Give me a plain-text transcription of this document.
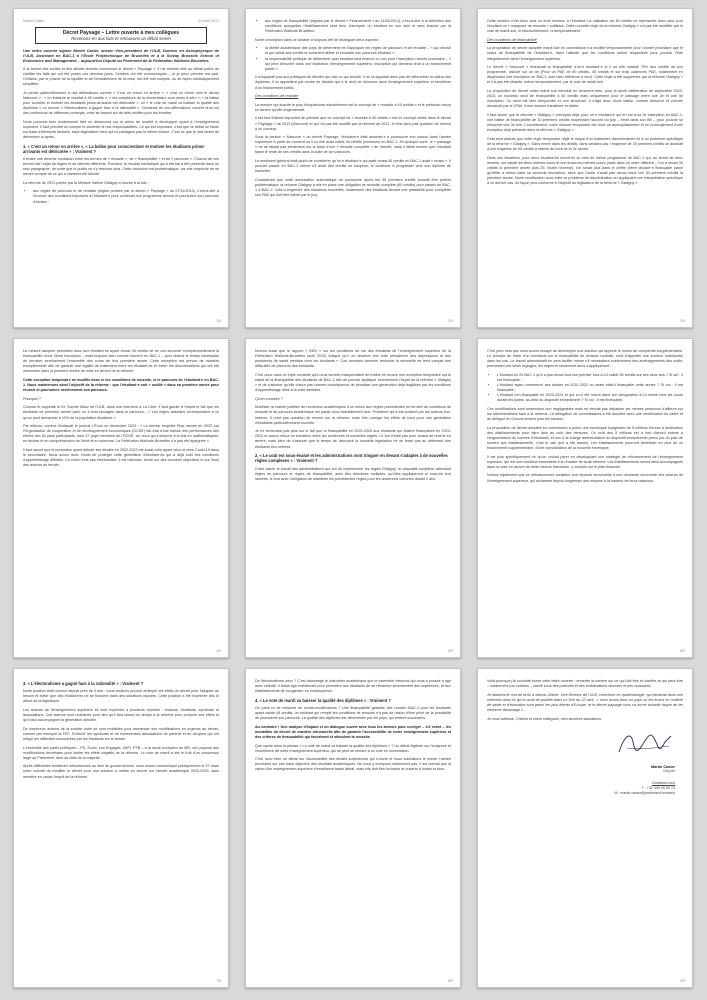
Martin Casier	23 avril 2024
Décret Paysage – Lettre ouverte à mes collègues
Revenons-en aux faits et retrouvons un débat serein

Une lettre ouverte signée Martin Casier, ancien Vice-président de l'ULB, Docteur en Astrophysique de l'ULB, Assistant en BAC-1 à l'École Polytechnique de Bruxelles et à la Solvay Brussels School of Economics and Management – aujourd'hui Député au Parlement de la Fédération Wallonie-Bruxelles.

À la faveur des sorties et des débats récents concernant le décret « Paysage », il me semble utile au débat public de clarifier les faits qui ont été posés ces derniers jours. Certains ont été communiqués – et je peux prendre ma part. Certains, par le prisme de la rapidité et de l'emballement de la crise, ont été mal compris, ou de façon médiatiquement simplifiée.

Je pense particulièrement à des affirmations comme « C'est un retour en arrière », « c'est un retour vers le décret Marcourt » , « on instaure le résultat à 45 crédits », « les compteurs de la réorientation sont remis à zéro », « la balise pour concilier et motiver les étudiants primo-arrivants est détricotée », ou « le vote de mardi va baisser la qualité des diplômes » ou encore « l'électoralisme a gagné face à la rationalité ». Certaines de ces affirmations ouvrent droit sur des confusions de différents concepts, voire se basent sur de faits vérifiés pour les émettre.

Nous pouvons bien évidemment être en désaccord sur la vision de société à développer quant à l'enseignement supérieur. Il faut prendre en compte le contexte et nos responsabilités. Ce qui est important, c'est que ce débat se fasse sur base d'éléments factuels, sans stigmatiser ceux qui ne partagent pas la même lecture. C'est ce que je vais tenter de démontrer ci-après.

1. « C'est un retour en arrière », « La balise pour conscientiser et motiver les étudiants primo-arrivants est détricotée » : Vraiment ?

Il existe une énorme confusion entre les termes de « réussite », de « finançabilité » et de « parcours ». Chacun de ces termes fait l'objet de règles et de décrets différents. Pourtant, le résultat médiatique qui a été fait a été présenté dans un seul paragraphe, de sorte que le public ne s'y retrouve plus. Cette confusion est problématique, car elle empêche de se rendre compte de ce qui a vraiment été décidé.

La réforme de 2021 portée par la Ministre Valérie Glatigny a touché à la fois :

• aux règles de parcours et de réussite (règles portées par le décret « Paysage » du 07/11/2013), c'est-à-dire à l'énoncé des conditions imposées à l'étudiant·e pour continuer son programme annuel et poursuivre son parcours d'études ;
1/9
• aux règles de finançabilité (réglées par le décret « Financement » du 11/04/2014), c'est-à-dire à la définition des conditions auxquelles l'établissement sera tenu d'accepter un étudiant en son sein et sera financé par la Fédération Wallonie-Bruxelles.

Notre conception dans ce dossier a toujours été de distinguer deux aspects :

• la liberté académique des jurys de déterminer et d'appliquer les règles de parcours et de réussite – « qui réussit et qui valide ses crédits et comment définir et encadrer son parcours étudiant » ;
• la responsabilité politique de déterminer quel étudiant sera financé ou non pour l'inscription l'année prochaine – « qui peut s'inscrire dans une institution d'enseignement supérieur, inscription qui donnera droit à un financement public ».

Il m'apparaît pas aux politiques de décider qui rate ou qui réussit. Il ne lui apparaît donc pas de déterminer la valeur des diplômes. Il lui appartient par contre de décider qui a le droit de s'inscrire dans l'enseignement supérieur et bénéficier d'un financement public.

Des conditions de réussite

La mesure qui suscite le plus d'inquiétudes actuellement est le concept de « réussite à 45 crédits » et le prétendu retour en arrière qu'elle engendrerait.

Il est tout d'abord important de préciser que ce concept de « réussite à 45 crédits » est un concept utilisé dans le décret « Paysage » de 2013 (Marcourt) et qui n'a pas été modifié par la réforme de 2021. Il n'est donc pas question de revenir à ce concept.

Sous la version « Marcourt » du décret Paysage, l'étudiant·e était autorisé·e à poursuivre son cursus dans l'année supérieure à partir du moment où il ou elle avait validé 45 crédits (minimum) en BAC-1. En quelque sorte, le « passage » ne se faisait pas seulement sur la base d'une « réussite complète » de l'année, mais il fallait encore que l'étudiant fasse le reste de ses crédits dans la suite de son parcours.

Le sentiment général était plutôt de considérer qu'un·e étudiant·e qui avait réussi 45 crédits en BAC-1 avait « réussi ». Il pouvait passer en BAC-2 même s'il avait des crédits en suspens, et continuer à progresser vers son diplôme de bachelier.

Considérant que cette autorisation automatique de poursuivre après les 45 premiers crédits pouvait être parfois problématique, la réforme Glatigny a mis en place une obligation de réussite complète (60 crédits) pour passer de BAC-1 à BAC-2. Cela a engendré des situations nouvelles, notamment des étudiants devant une possibilité pour compléter son PAE qui doit être validé par le jury.

2/9

Cette mesure n'est donc plus un droit reconnu à l'étudiant. La validation de 45 crédits ne représente donc plus pour l'étudiant un « marqueur de réussite » suffisant. Cette nouvelle règle de la réforme Glatigny « n'a pas été modifiée par le vote de mardi soir, ni structurellement, ni temporairement.

Des conditions de finançabilité

La proposition de décret adoptée mardi soir en commission n'a modifié temporairement pour l'année prochaine que le statut de finançabilité de l'étudiant·e, dans l'attente que les conditions soient respectées pour pouvoir l'être intégralement dans l'enseignement supérieur.

Le décret « Marcourt » entraînait la finançabilité d'un·e étudiant·e si il ou elle validait 75% des crédits de son programme, calculé sur un an (Pour un PAE de 60 crédits, 45 crédits et sur trois cadences PAE, notamment en dispensant une inscription en BAC1, sont bien inférieurs à ceci). Cette règle a été supprimée par la réforme Glatigny » et n'a pas été rétablie, même temporairement, par le vote de mardi soir.

La proposition de décret votée mardi soir introduit en revanche bien, pour la seule délibération de septembre 2023-2024, un nouveau seuil de finançabilité à 45 crédits mais uniquement pour le passage entre une 2e et une 3e inscription. Ce seuil est bien temporaire et non structurel. Il s'agit donc d'une balise, comme annoncé et comme demandé par le CRef, d'une mesure transitoire et ciblée.

Il faut savoir que la réforme « Glatigny » prévoyait déjà, pour un·e étudiant·e qui en est à sa 2e inscription en BAC-1, une balise de finançabilité de 30 premiers crédits moyennant l'accord du jury – étroit dans son BE – pour pouvoir se réinscrire une 3e fois. Concrètement, notre mesure temporaire est donc un assouplissement et un prolongement d'une exception déjà présente dans la réforme « Glatigny ».

Cela sera ailleurs que cette règle temporaire règle le risque d'un traitement discriminatoire lié à un problème spécifique de la réforme « Glatigny ». Sans entrer dans les détails, dans certains cas, l'exigence de 30 premiers crédits se doublait d'une exigence de 60 crédits à obtenir au bout de la 2e année.

Dans ces situations, pour deux étudiant·es inscrit·es au sein du même programme de BAC-1 qui, au terme de deux années, ont validé les deux mêmes cours et ont réussi les mêmes cours (mais dans un ordre différent – l'un a réussi 30 crédits la première année puis 25, l'autre l'inverse), l'un serait plus dans le chiffre d'être déclaré·e finançable parce qu'il/elle a réussi dans sa seconde inscription, alors que l'autre n'avait pas réussi dans ces 30 premiers crédits la première année. Notre modification donc évite ce problème de discrimination en appliquant une interprétation spécifique à ce dernier cas, de façon plus conforme à l'objectif du législateur de la réforme « Glatigny ».

3/9

La mesure adoptée permettra donc aux étudiant·es ayant réussi 45 crédits de se voir accorder exceptionnellement la finançabilité d'une 3ème inscription – mais toujours bien comme inscrit·e en BAC-1 – pour obtenir le temps nécessaire de terminer sereinement l'ensemble des cours de leur première année. Cette exception est prévue de manière exceptionnelle afin de garantir une égalité de traitement entre les étudiant·es et éviter les discriminations qui ont été observées dans la première année de mise en œuvre de la réforme.

Cette exception temporaire ne modifie donc ni les conditions de réussite, ni le parcours de l'étudiant·e en BAC-1. Nous maintenons ainsi l'objectif de la réforme : que l'étudiant·e soit « outillé » dans sa première année pour réussir et poursuivre sereinement son parcours.

Pourquoi ?

Comme le rappelait le Dr. Sophie Mazz de l'ULB, dans une interview à La Libre, il faut garder à l'esprit le fait que les étudiants de première année avec un à trois blocages dans le parcours... « Les règles actuelles correspondent à ce qu'on peut demander à 13% de la population étudiante ».

Par ailleurs, comme l'indiquait le journal L'Écho en décembre 2023 : « Le dernier enquête Pisa menée en 2022 par l'Organisation de coopération et de développement économiques (OCDE) fait état d'une baisse des performances des élèves des 81 pays participants, dont 37 pays membres de l'OCDE. Un recul qui s'observe à la fois en mathématiques, en lecture et en compréhension de l'écrit et en sciences. La Fédération Wallonie-Bruxelles n'a pas été épargnée ».

Il faut savoir que la promotion ayant débuté ses études en 2022-2023 est aussi celle ayant vécu la crise Covid-19 dans le secondaire. Nous avons donc choisi de protéger cette génération d'étudiant·es qui a déjà subi des conditions d'apprentissage difficiles. Ce choix n'est pas électoraliste, il est rationnel, fondé sur des données objectives et sur l'avis des acteurs de terrain.

4/9

Notons aussi que le rapport « BDO » sur les conditions de vie des étudiants de l'enseignement supérieur de la Fédération Wallonie-Bruxelles (avril 2019) indique qu'« on observe une forte prévalence des dépressions et des problèmes de santé mentale chez les étudiants ». Ces données viennent renforcer la nécessité de tenir compte des difficultés de parcours des étudiants.

C'est donc dans ce triple contexte qu'il nous semble indispensable de mettre en œuvre une exception temporaire sur le statut de la finançabilité des étudiants de BAC-1 afin de pouvoir appliquer sereinement l'esprit de la réforme « Glatigny » et de s'assurer qu'elle n'aura pas comme conséquence de pénaliser une génération déjà fragilisée par les conditions d'apprentissage liées à la crise sanitaire.

Qu'en conclure ?

Mobiliser la crainte justifiée de nombreux académiques d'un retour aux règles précédentes en termes de conditions de réussite et de parcours académique me paraît donc factuellement faux. Problème qui a été soulevé par les acteurs eux-mêmes. Il n'est pas question de revenir sur la réforme, mais d'en corriger les effets de bord pour une génération d'étudiants particulièrement touchée.

Je ne reviendrai pas plus sur le fait que la finançabilité en 2024-2025 aux étudiants qui étaient finançables en 2023-2024 et aucun retour en transition entre les anciennes et nouvelles règles. Le but n'était pas pour autant de revenir en arrière, mais bien de s'assurer que le temps de découvrir la nouvelle législation ne se ferait pas au détriment des étudiants eux-mêmes.

2. « Le coût est sous-évalué et les administrations vont tringuer en devant s'adapter à de nouvelles règles complexes » : Vraiment ?

Il faut saluer le travail des administrations qui ont dû implémenter les règles Glatigny, un dispositif complexe attendant règles de parcours et règles de finançabilité, avec des directives multiples, qu'elles appliqueront et suivront leur lancées, le tout avec l'obligation de maintenir les précédentes règles pour les anciennes cohortes durant 2 ans.

5/9

C'est pour cela que nous avons essayé de développer une solution qui apporte le moins de complexité supplémentaire. Le principe de l'idée d'un monitorat sur la finançabilité de certains contrats, c'est d'apporter une solution individuelle dans les cas. Le travail administratif en sera facilité même s'il nécessitera évidemment des aménagements des outils, permettant ces seuls réglages, les règles et seulement alors s'appliqueront :

• L'étudiant en 2e BAC-1 qu'il a pas réussi tout son premier bloc a-t-il validé 45 crédits sur ses deux ans ? Si oui : il est finançable ;
• L'étudiant ayant commencé ses études en 2021-2022 ou avant était-il finançable cette année ? Si oui : il est finançable ;
• L'étudiant non-finançable en 2023-2024 et qui a-t-il été inscrit dans son désignation à-t-il révisé tous les cours durant les justes, au-delà du dispositif exceptionnel ? Si oui : il est finançable.

Ces modifications sont néanmoins non négligeables mais ne devrait pas dépasser les mêmes pressions d'ailleurs sur les administrations face à la réforme. La délégation de commissaires a été assurée avec une modification du cadre et du délégué du Gouvernement pour les travaux.

La proposition de décret adoptée en commission a prévu une enveloppe budgétaire de 5 millions d'euros à destination des établissements pour faire face au coût des mesures. Ce coût des 5 millions est à tout d'abord estimé à l'augmentation du nombre d'étudiants, et non à la charge administrative du dispositif exceptionnel prévu (ou du plan de soutien aux établissements, c'est le cas qu'il a été admis). Les établissements pourront bénéficier en plus de ce financement supplémentaire, d'une consolidation de la nouvelle enveloppe.

Il est plus spécifiquement ce qu'on voulait parer en développant une stratégie de refinancement de l'enseignement supérieur, qui est une condition essentielle à la réussite de toute réforme. Les établissements seront ainsi accompagnés dans la mise en œuvre de cette mesure transitoire, y compris sur le plan financier.

Notons également que ce refinancement constitue une réponse structurelle à une demande récurrente des acteurs de l'enseignement supérieur, qui réclament depuis longtemps des moyens à la hauteur de leurs missions.

6/9
3. « L'électoralisme a gagné face à la rationalité » : Vraiment ?

Notre position était connue depuis près de 3 ans : nous voulions pouvoir anticiper les effets du décret pour l'adapter au besoin et éviter que des étudiant·es ne se trouvent dans des situations injustes. Cette position a été exprimée dès le début de la législature.

Les acteurs de l'enseignement supérieur se sont exprimés à plusieurs reprises : recteurs, étudiants, syndicats et associations. Ces acteurs sont unanimes pour dire qu'il faut laisser du temps à la réforme pour produire ses effets et qu'il faut accompagner la génération actuelle.

De nombreux acteurs de la société civile se sont mobilisés pour demander des modifications en urgence au décret, comme par exemple la FEF, l'Unécof, les syndicats et de nombreuses associations de parents et de citoyens qui ont relayé les difficultés rencontrées par les étudiants sur le terrain.

L'ensemble des partis politiques – PS, Ecolo, Les Engagés, DéFI, PTB – à la seule exception du MR, ont proposé des modifications décrétales pour limiter les effets négatifs de la réforme. Le vote de mardi a été le fruit d'un consensus large au Parlement, bien au-delà de la majorité.

Après différentes tentatives infructueuses au sein du gouvernement, nous avons communiqué publiquement le 27 mars notre volonté de modifier le décret pour une solution à mettre en œuvre sur l'année académique 2024-2025, sans remettre en cause l'esprit de la réforme.

7/9

De l'électoralisme donc ? C'est davantage le calendrier académique que le calendrier électoral qui nous a poussé à agir avec célérité. Il fallait agir maintenant pour permettre aux étudiants de se réinscrire sereinement dès septembre, et aux établissements de s'organiser en conséquence.

4. « Le vote de mardi va baisser la qualité des diplômes » : Vraiment ?

On parle ici de mesures de contre-modifications ? Une finançabilité garantie dès l'ancien BAC-1 pour les étudiants ayant validé 45 crédits, un étudiant qui remplit les conditions de réussite n'a pas de raison d'être privé de la possibilité de poursuivre son parcours. La qualité des diplômes est déterminée par les jurys, qui restent souverains.

Au contraire ! Une analyse d'impact et un dialogue ouvert avec tous les acteurs pour corriger – s'il échet – les modalités du décret de manière structurelle afin de garantir l'accessibilité de notre enseignement supérieur et des critères de finançabilité qui favorisent et stimulent la réussite.

Que cache alors la phrase « Le vote de mardi va baisser la qualité des diplômes » ? Un débat légitime sur l'exigence et l'excellence de notre enseignement supérieur, qui ne peut se réduire à un vote en commission.

C'est donc bien un débat sur l'accessibilité des études supérieures qui s'ouvre et nous souhaitons le mener l'année prochaine sur une base objective des résultats académiques. Ne nous y trompons néanmoins pas, il est normal que la vision d'un enseignement supérieur d'excellence fasse débat, mais elle doit être inclusive et ouverte à toutes et tous.

8/9

Voilà pourquoi j'ai souhaité écrire cette lettre ouverte : remettre la lumière sur ce qui doit être et clarifier ce qui peut-être – notamment par certains – caché sous des postures et des exclamations diverses et peu nuancées.

Je laisserai le mot de la fin à Marius Gilbert, Vice-Recteur de l'ULB, chercheur en épidémiologie, qui déclarait dans une interview dans ce qu'on avait de publiée dans Le Soir du 22 avril : « nous avons donc un pays où les écarts en matière de santé et d'éducation sont parmi les plus élevés d'Europe, et le décret paysage sous sa forme actuelle risque de les renforcer davantage ».

Je vous adresse, Chères et chers collègues, mes sincères salutations.

Martin Casier
Député
Contactez-moi
T : +32 495 90 69 74
M : martin.casier@parlement.brussels
9/9
